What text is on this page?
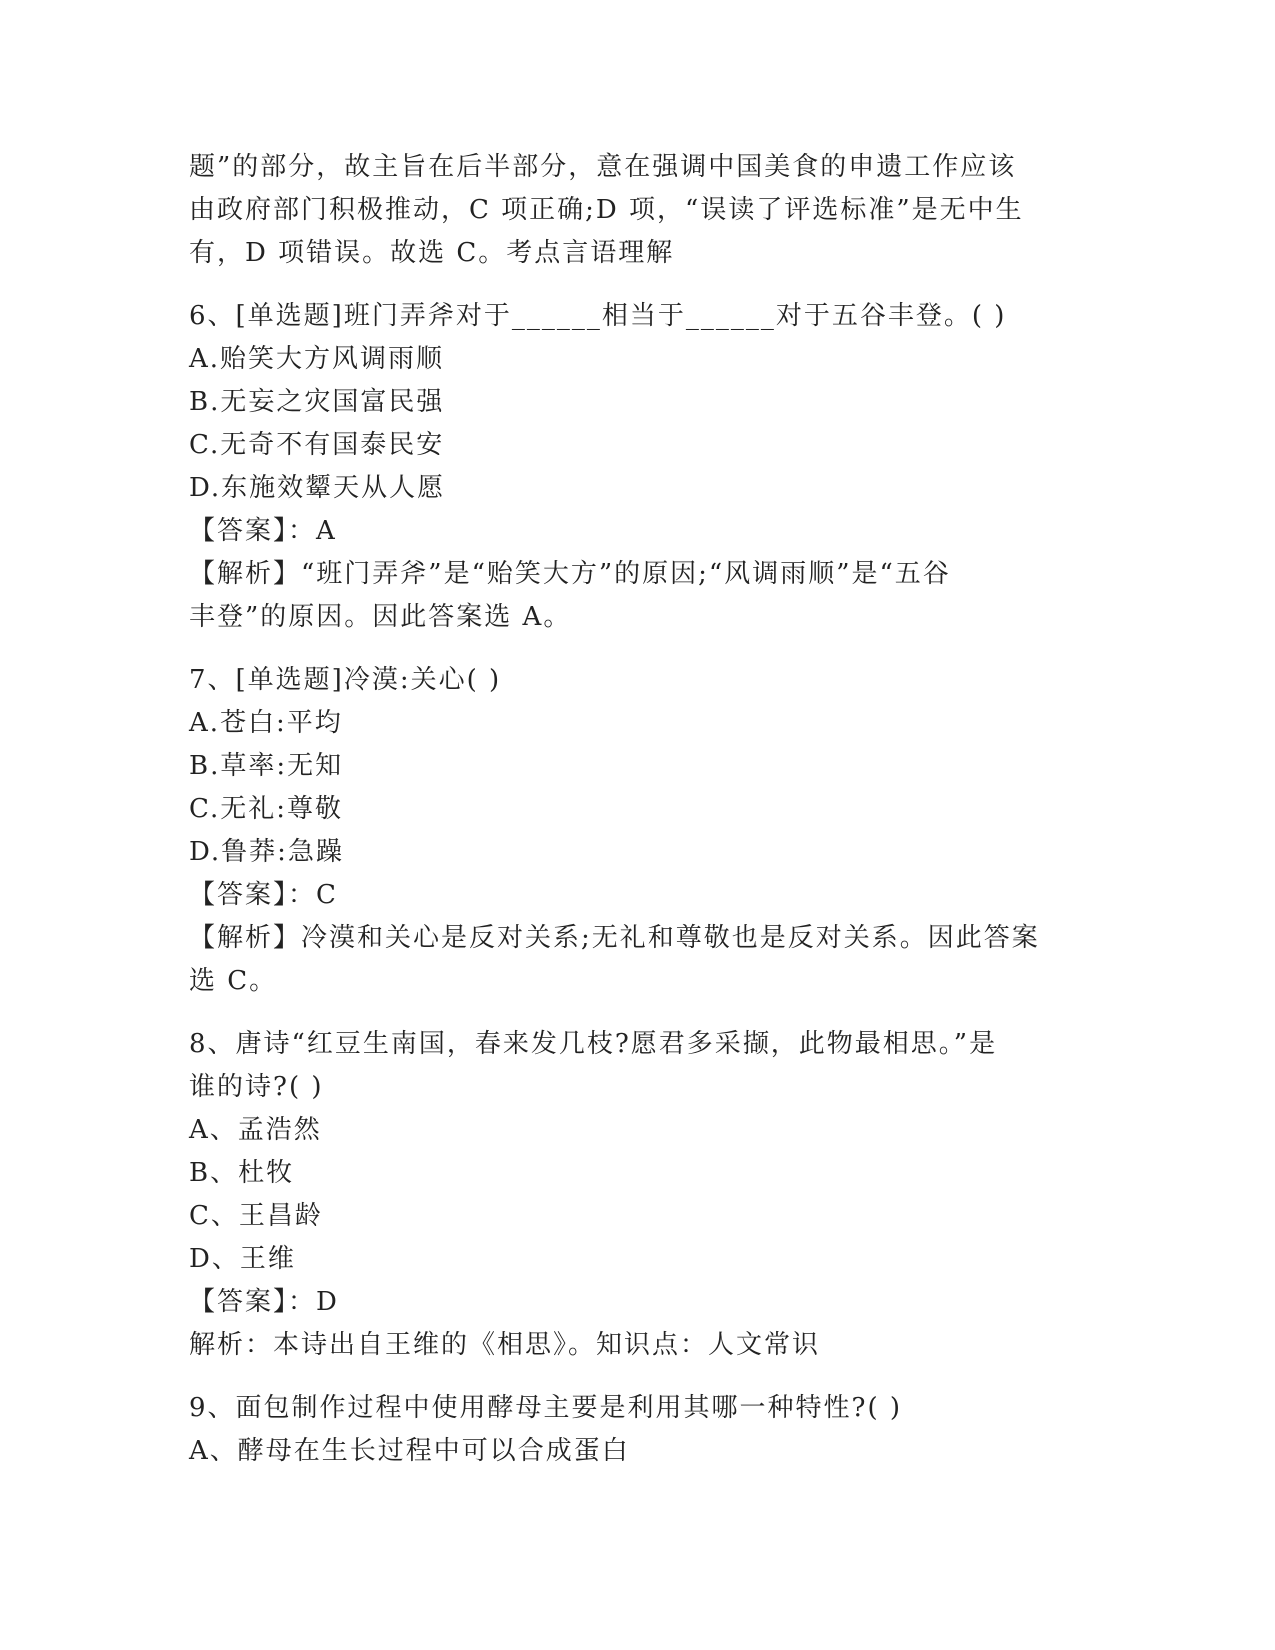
题”的部分，故主旨在后半部分，意在强调中国美食的申遗工作应该
由政府部门积极推动，C 项正确;D 项，“误读了评选标准”是无中生
有，D 项错误。故选 C。考点言语理解
6、[单选题]班门弄斧对于______相当于______对于五谷丰登。( )
A.贻笑大方风调雨顺
B.无妄之灾国富民强
C.无奇不有国泰民安
D.东施效颦天从人愿
【答案】：A
【解析】“班门弄斧”是“贻笑大方”的原因;“风调雨顺”是“五谷
丰登”的原因。因此答案选 A。
7、[单选题]冷漠:关心( )
A.苍白:平均
B.草率:无知
C.无礼:尊敬
D.鲁莽:急躁
【答案】：C
【解析】冷漠和关心是反对关系;无礼和尊敬也是反对关系。因此答案
选 C。
8、唐诗“红豆生南国，春来发几枝?愿君多采撷，此物最相思。”是
谁的诗?( )
A、孟浩然
B、杜牧
C、王昌龄
D、王维
【答案】：D
解析：本诗出自王维的《相思》。知识点：人文常识
9、面包制作过程中使用酵母主要是利用其哪一种特性?( )
A、酵母在生长过程中可以合成蛋白
